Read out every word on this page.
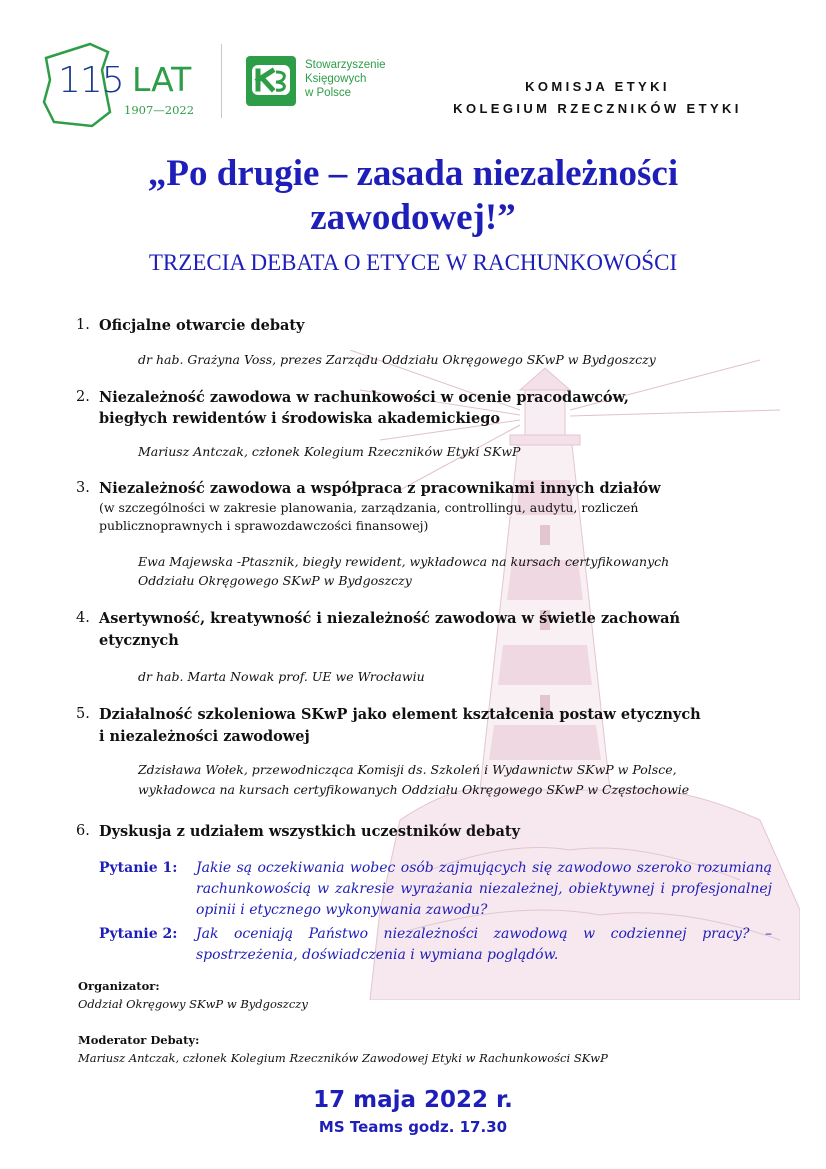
115 LAT
1907—2022
Stowarzyszenie
Księgowych
w Polsce	KOMISJA ETYKI
KOLEGIUM RZECZNIKÓW ETYKI
„Po drugie – zasada niezależności
zawodowej!”
TRZECIA DEBATA O ETYCE W RACHUNKOWOŚCI
1. Oficjalne otwarcie debaty
dr hab. Grażyna Voss, prezes Zarządu Oddziału Okręgowego SKwP w Bydgoszczy
2. Niezależność zawodowa w rachunkowości w ocenie pracodawców,
biegłych rewidentów i środowiska akademickiego
Mariusz Antczak, członek Kolegium Rzeczników Etyki SKwP
3. Niezależność zawodowa a współpraca z pracownikami innych działów
(w szczególności w zakresie planowania, zarządzania, controllingu, audytu, rozliczeń
publicznoprawnych i sprawozdawczości finansowej)
Ewa Majewska -Ptasznik, biegły rewident, wykładowca na kursach certyfikowanych
Oddziału Okręgowego SKwP w Bydgoszczy
4. Asertywność, kreatywność i niezależność zawodowa w świetle zachowań
etycznych
dr hab. Marta Nowak prof. UE we Wrocławiu
5. Działalność szkoleniowa SKwP jako element kształcenia postaw etycznych
i niezależności zawodowej
Zdzisława Wołek, przewodnicząca Komisji ds. Szkoleń i Wydawnictw SKwP w Polsce,
wykładowca na kursach certyfikowanych Oddziału Okręgowego SKwP w Częstochowie
6. Dyskusja z udziałem wszystkich uczestników debaty
Pytanie 1: Jakie są oczekiwania wobec osób zajmujących się zawodowo szeroko rozumianą rachunkowością w zakresie wyrażania niezależnej, obiektywnej i profesjonalnej opinii i etycznego wykonywania zawodu?
Pytanie 2: Jak oceniają Państwo niezależności zawodową w codziennej pracy? – spostrzeżenia, doświadczenia i wymiana poglądów.
Organizator:
Oddział Okręgowy SKwP w Bydgoszczy
Moderator Debaty:
Mariusz Antczak, członek Kolegium Rzeczników Zawodowej Etyki w Rachunkowości SKwP
17 maja 2022 r.
MS Teams godz. 17.30
